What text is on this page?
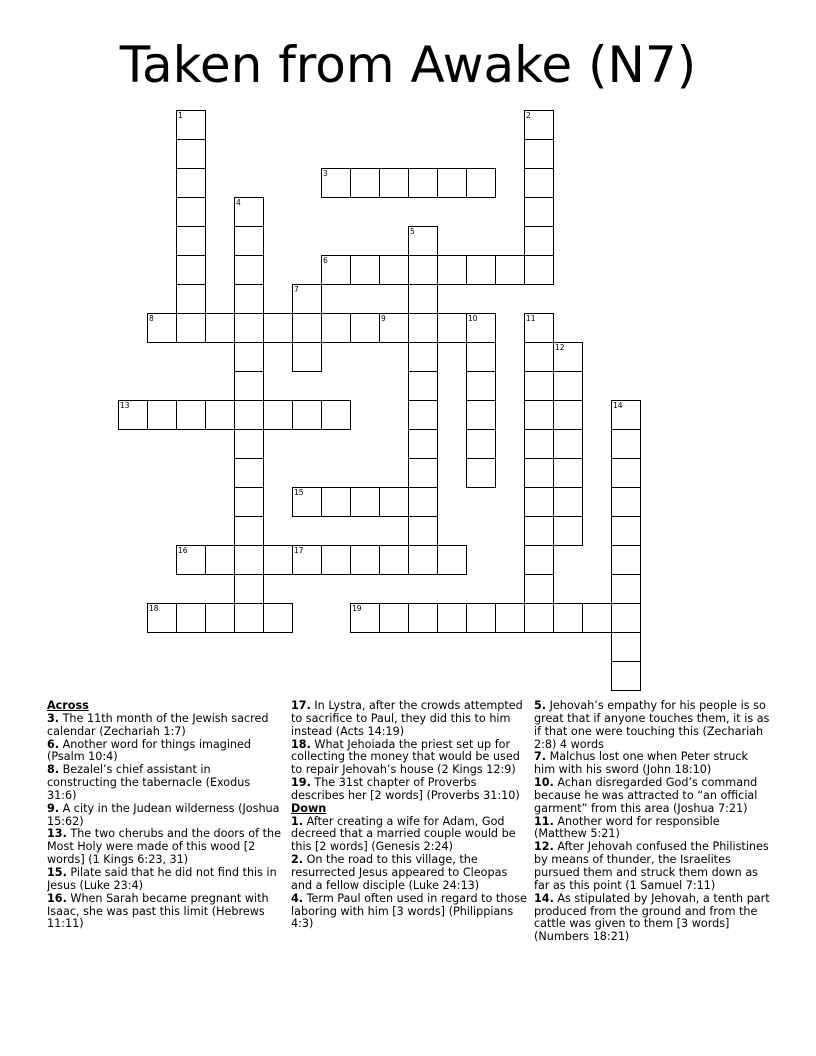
Taken from Awake (N7)
1	2
3
4
5
6
7
8	9	10	11
12
13	14
15
16	17
18	19
Across
3. The 11th month of the Jewish sacred calendar (Zechariah 1:7)
6. Another word for things imagined (Psalm 10:4)
8. Bezalel’s chief assistant in constructing the tabernacle (Exodus 31:6)
9. A city in the Judean wilderness (Joshua 15:62)
13. The two cherubs and the doors of the Most Holy were made of this wood [2 words] (1 Kings 6:23, 31)
15. Pilate said that he did not find this in Jesus (Luke 23:4)
16. When Sarah became pregnant with Isaac, she was past this limit (Hebrews 11:11)
17. In Lystra, after the crowds attempted to sacrifice to Paul, they did this to him instead (Acts 14:19)
18. What Jehoiada the priest set up for collecting the money that would be used to repair Jehovah’s house (2 Kings 12:9)
19. The 31st chapter of Proverbs describes her [2 words] (Proverbs 31:10)
Down
1. After creating a wife for Adam, God decreed that a married couple would be this [2 words] (Genesis 2:24)
2. On the road to this village, the resurrected Jesus appeared to Cleopas and a fellow disciple (Luke 24:13)
4. Term Paul often used in regard to those laboring with him [3 words] (Philippians 4:3)
5. Jehovah’s empathy for his people is so great that if anyone touches them, it is as if that one were touching this (Zechariah 2:8) 4 words
7. Malchus lost one when Peter struck him with his sword (John 18:10)
10. Achan disregarded God’s command because he was attracted to “an official garment” from this area (Joshua 7:21)
11. Another word for responsible (Matthew 5:21)
12. After Jehovah confused the Philistines by means of thunder, the Israelites pursued them and struck them down as far as this point (1 Samuel 7:11)
14. As stipulated by Jehovah, a tenth part produced from the ground and from the cattle was given to them [3 words] (Numbers 18:21)
